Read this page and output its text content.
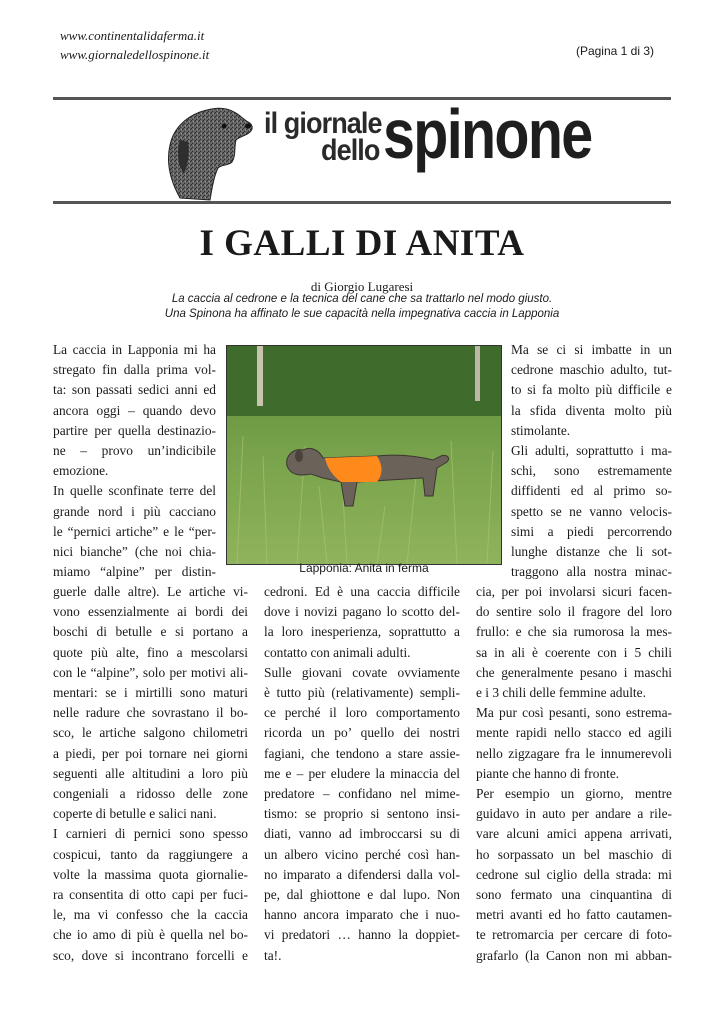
www.continentalidaferma.it
www.giornaledellospinone.it	(Pagina 1 di 3)
il giornale
dello spinone
I GALLI DI ANITA
di Giorgio Lugaresi
La caccia al cedrone e la tecnica del cane che sa trattarlo nel modo giusto.
Una Spinona ha affinato le sue capacità nella impegnativa caccia in Lapponia
Lapponia: Anita in ferma
La caccia in Lapponia mi ha
stregato fin dalla prima vol-
ta: son passati sedici anni ed
ancora oggi – quando devo
partire per quella destinazio-
ne – provo un’indicibile
emozione.
In quelle sconfinate terre del
grande nord i più cacciano
le “pernici artiche” e le “per-
nici bianche” (che noi chia-
miamo “alpine” per distin-
guerle dalle altre). Le artiche vi-
vono essenzialmente ai bordi dei
boschi di betulle e si portano a
quote più alte, fino a mescolarsi
con le “alpine”, solo per motivi ali-
mentari: se i mirtilli sono maturi
nelle radure che sovrastano il bo-
sco, le artiche salgono chilometri
a piedi, per poi tornare nei giorni
seguenti alle altitudini a loro più
congeniali a ridosso delle zone
coperte di betulle e salici nani.
I carnieri di pernici sono spesso
cospicui, tanto da raggiungere a
volte la massima quota giornalie-
ra consentita di otto capi per fuci-
le, ma vi confesso che la caccia
che io amo di più è quella nel bo-
sco, dove si incontrano forcelli e
cedroni. Ed è una caccia difficile
dove i novizi pagano lo scotto del-
la loro inesperienza, soprattutto a
contatto con animali adulti.
Sulle giovani covate ovviamente
è tutto più (relativamente) sempli-
ce perché il loro comportamento
ricorda un po’ quello dei nostri
fagiani, che tendono a stare assie-
me e – per eludere la minaccia del
predatore – confidano nel mime-
tismo: se proprio si sentono insi-
diati, vanno ad imbroccarsi su di
un albero vicino perché così han-
no imparato a difendersi dalla vol-
pe, dal ghiottone e dal lupo. Non
hanno ancora imparato che i nuo-
vi predatori … hanno la doppiet-
ta!.
Ma se ci si imbatte in un
cedrone maschio adulto, tut-
to si fa molto più difficile e
la sfida diventa molto più
stimolante.
Gli adulti, soprattutto i ma-
schi, sono estremamente
diffidenti ed al primo so-
spetto se ne vanno velocis-
simi a piedi percorrendo
lunghe distanze che li sot-
traggono alla nostra minac-
cia, per poi involarsi sicuri facen-
do sentire solo il fragore del loro
frullo: e che sia rumorosa la mes-
sa in ali è coerente con i 5 chili
che generalmente pesano i maschi
e i 3 chili delle femmine adulte.
Ma pur così pesanti, sono estrema-
mente rapidi nello stacco ed agili
nello zigzagare fra le innumerevoli
piante che hanno di fronte.
Per esempio un giorno, mentre
guidavo in auto per andare a rile-
vare alcuni amici appena arrivati,
ho sorpassato un bel maschio di
cedrone sul ciglio della strada: mi
sono fermato una cinquantina di
metri avanti ed ho fatto cautamen-
te retromarcia per cercare di foto-
grafarlo (la Canon non mi abban-
